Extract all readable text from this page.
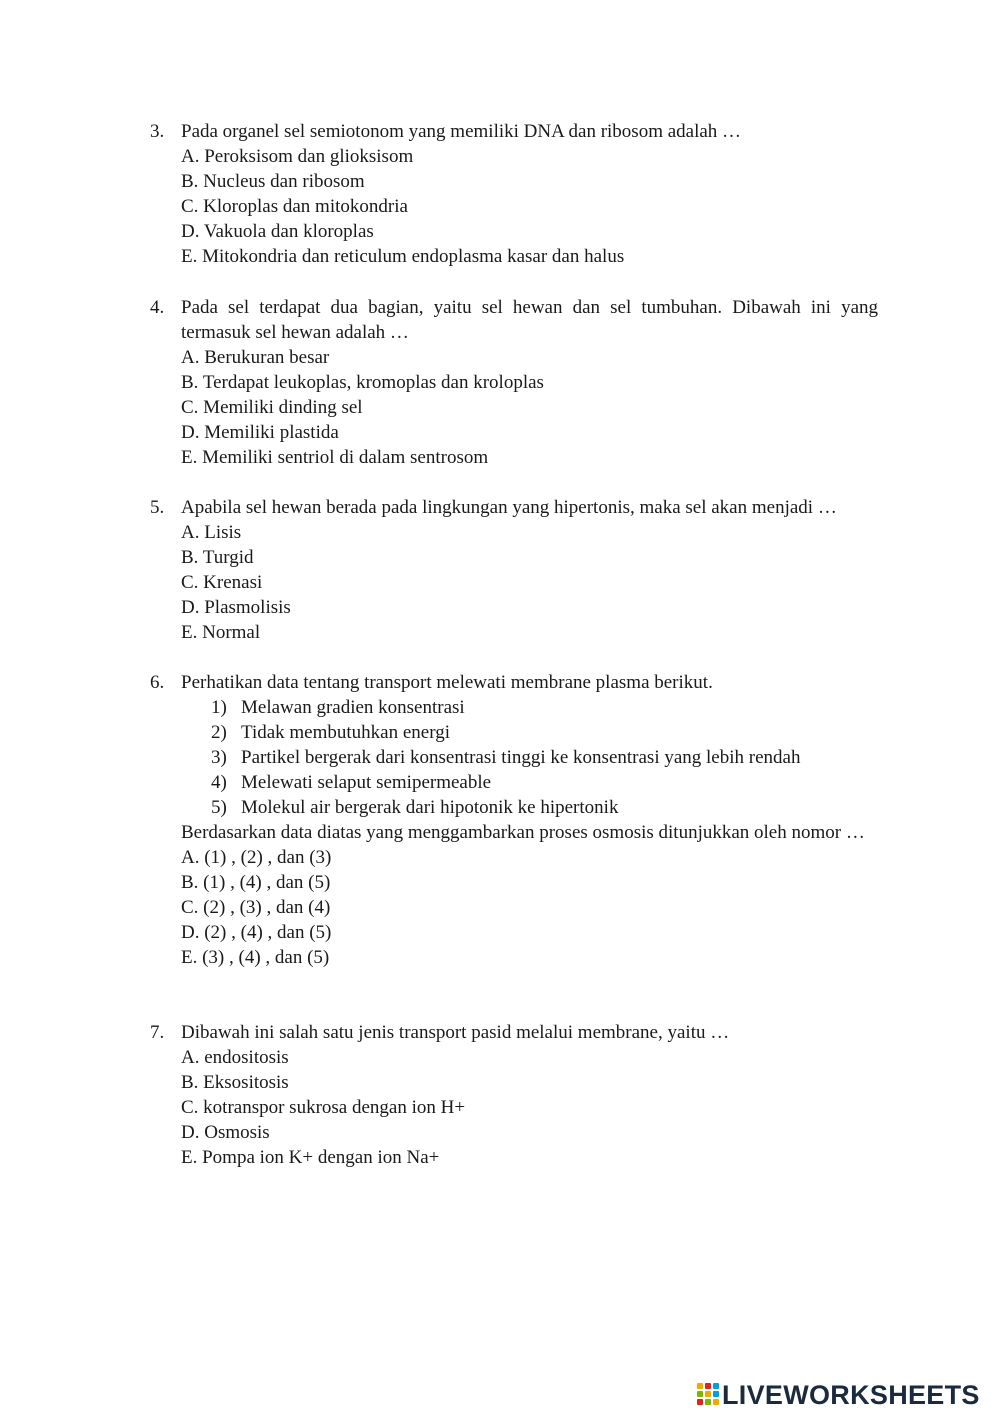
3. Pada organel sel semiotonom yang memiliki DNA dan ribosom adalah …
A. Peroksisom dan glioksisom
B. Nucleus dan ribosom
C. Kloroplas dan mitokondria
D. Vakuola dan kloroplas
E. Mitokondria dan reticulum endoplasma kasar dan halus
4. Pada sel terdapat dua bagian, yaitu sel hewan dan sel tumbuhan. Dibawah ini yang termasuk sel hewan adalah …
A. Berukuran besar
B. Terdapat leukoplas, kromoplas dan kroloplas
C. Memiliki dinding sel
D. Memiliki plastida
E. Memiliki sentriol di dalam sentrosom
5. Apabila sel hewan berada pada lingkungan yang hipertonis, maka sel akan menjadi …
A. Lisis
B. Turgid
C. Krenasi
D. Plasmolisis
E. Normal
6. Perhatikan data tentang transport melewati membrane plasma berikut.
1) Melawan gradien konsentrasi
2) Tidak membutuhkan energi
3) Partikel bergerak dari konsentrasi tinggi ke konsentrasi yang lebih rendah
4) Melewati selaput semipermeable
5) Molekul air bergerak dari hipotonik ke hipertonik
Berdasarkan data diatas yang menggambarkan proses osmosis ditunjukkan oleh nomor …
A. (1) , (2) , dan (3)
B. (1) , (4) , dan (5)
C. (2) , (3) , dan (4)
D. (2) , (4) , dan (5)
E. (3) , (4) , dan (5)
7. Dibawah ini salah satu jenis transport pasid melalui membrane, yaitu …
A. endositosis
B. Eksositosis
C. kotranspor sukrosa dengan ion H+
D. Osmosis
E. Pompa ion K+ dengan ion Na+
LIVEWORKSHEETS
